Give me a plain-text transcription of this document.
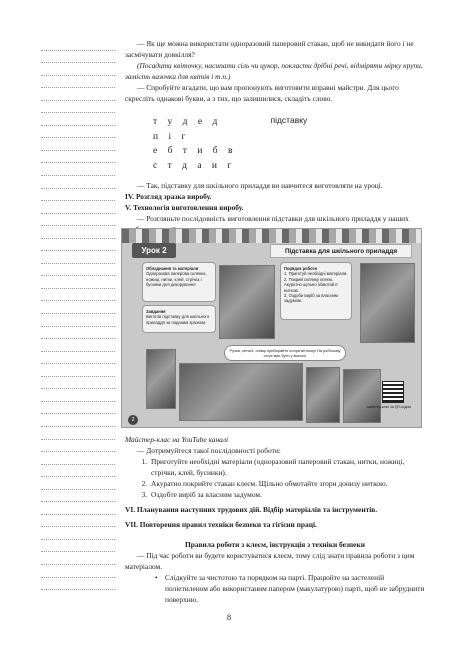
— Як ще можна використати одноразовий паперовий стакан, щоб не викидати його і не засмічувати довкілля?

(Посадити квіточку, насипати сіль чи цукор, покласти дрібні речі, відміряти мірку крупи, замість вазочки для квітів і т.п.)

— Спробуйте вгадати, що вам пропонують виготовити вправні майстри. Для цього скресліть однакові букви, а з тих, що залишилися, складіть слово.

т у д е д
п і г
е б т и б в
с т д а и г
підставку

— Так, підставку для шкільного приладдя ви навчитеся виготовляти на уроці.

IV. Розгляд зразка виробу.

V. Технологія виготовлення виробу.

— Розгляньте послідовність виготовлення підставки для шкільного приладдя у наших

Урок 2	Підставка для шкільного приладдя
Обладнання та матеріали
Одноразова паперова склянка, ножиці, нитки, клей, стрічка і бусинки для декорування
Завдання
Виготов підставку для шкільного приладдя за поданим зразком.
Порядок роботи
1. Приготуй необхідні матеріали.
2. Покрий склянку клеєм. Акуратно щільно обмотай її ниткою.
3. Оздоби виріб за власним задумом.
Ручки, пензлі, олівці прибирайте попри вітному! На робочому столі має бути у всього!
майстер-клас за QR-кодом
2

Майстер-клас на YouTube каналі

— Дотримуйтеся такої послідовності роботи:

1. Приготуйте необхідні матеріали (одноразовий паперовий стакан, нитки, ножиці, стрічки, клей, бусинки).
2. Акуратно покрийте стакан клеєм. Щільно обмотайте згори донизу ниткою.
3. Оздобте виріб за власним задумом.

VI. Планування наступних трудових дій. Відбір матеріалів та інструментів.

VII. Повторення правил техніки безпеки та гігієни праці.

Правила роботи з клеєм, інструкція з техніки безпеки

— Під час роботи ви будете користуватися клеєм, тому слід знати правила роботи з цим матеріалом.

• Слідкуйте за чистотою та порядком на парті. Працюйте на застеленій поліетиленом або використаним папером (макулатурою) парті, щоб не забруднити поверхню.
8
